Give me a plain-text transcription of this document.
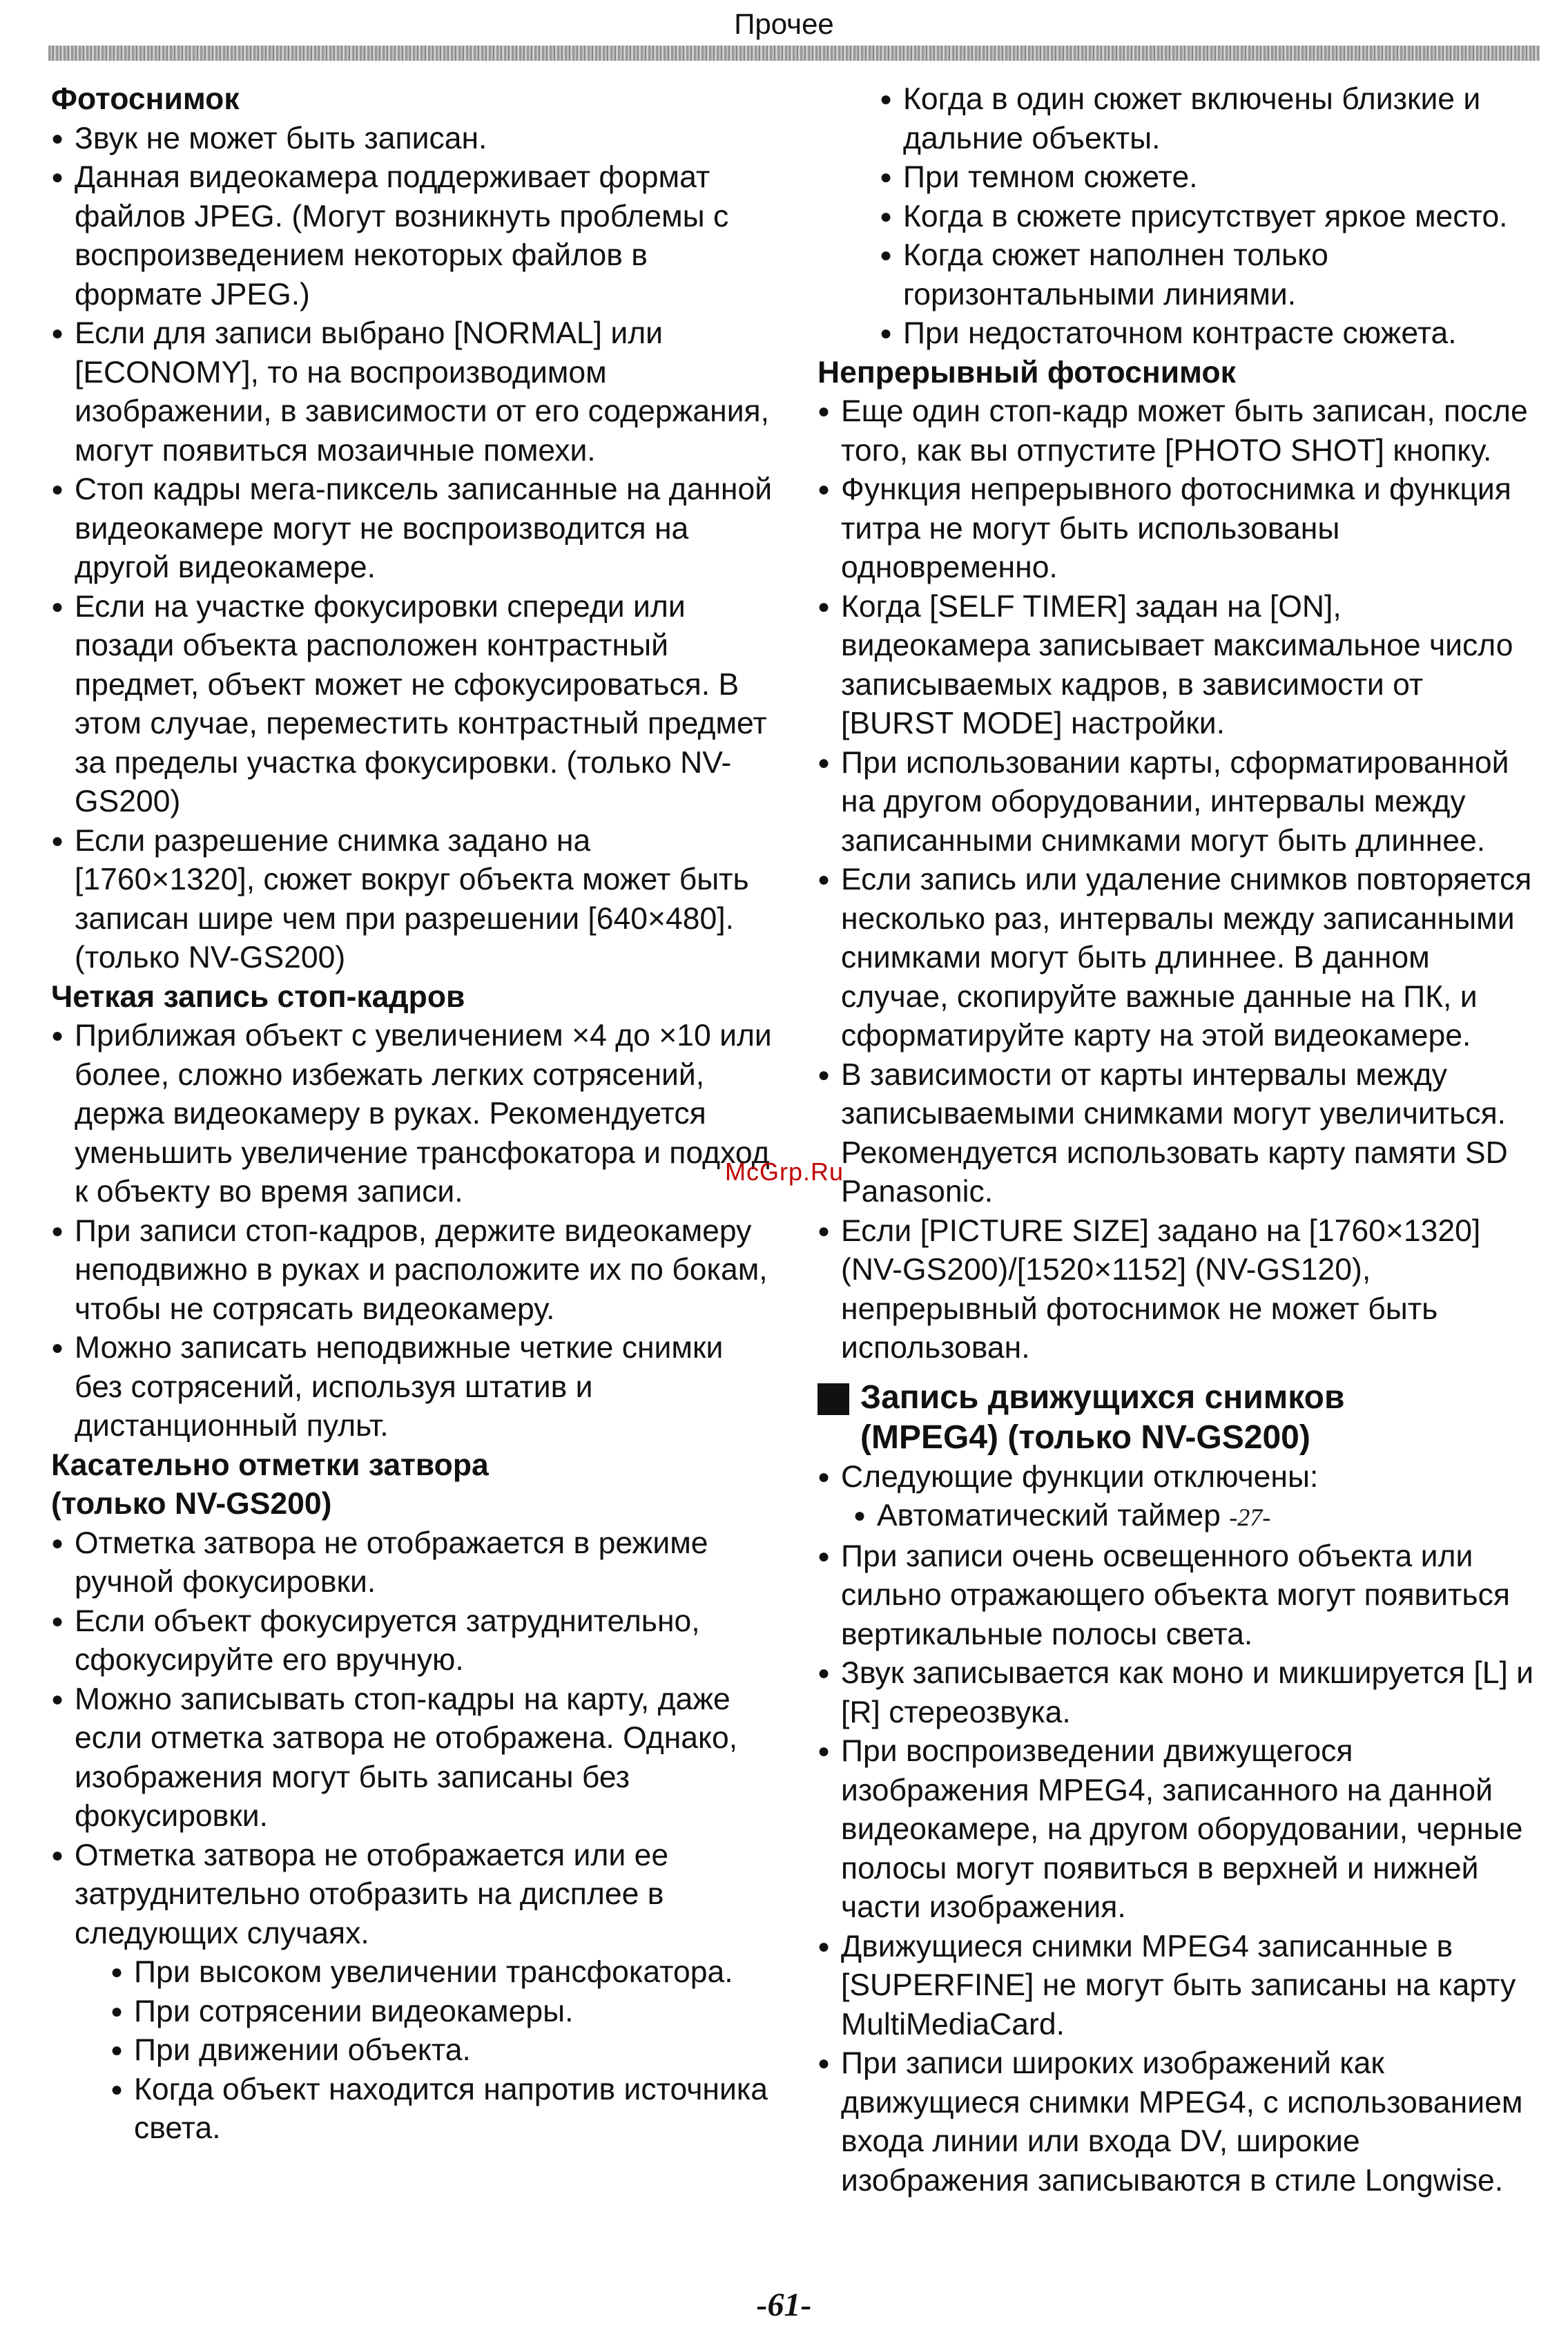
Прочее
Фотоснимок
● Звук не может быть записан.
● Данная видеокамера поддерживает формат файлов JPEG. (Могут возникнуть проблемы с воспроизведением некоторых файлов в формате JPEG.)
● Если для записи выбрано [NORMAL] или [ECONOMY], то на воспроизводимом изображении, в зависимости от его содержания, могут появиться мозаичные помехи.
● Стоп кадры мега-пиксель записанные на данной видеокамере могут не воспроизводится на другой видеокамере.
● Если на участке фокусировки спереди или позади объекта расположен контрастный предмет, объект может не сфокусироваться. В этом случае, переместить контрастный предмет за пределы участка фокусировки. (только NV-GS200)
● Если разрешение снимка задано на [1760×1320], сюжет вокруг объекта может быть записан шире чем при разрешении [640×480]. (только NV-GS200)
Четкая запись стоп-кадров
● Приближая объект с увеличением ×4 до ×10 или более, сложно избежать легких сотрясений, держа видеокамеру в руках. Рекомендуется уменьшить увеличение трансфокатора и подход к объекту во время записи.
● При записи стоп-кадров, держите видеокамеру неподвижно в руках и расположите их по бокам, чтобы не сотрясать видеокамеру.
● Можно записать неподвижные четкие снимки без сотрясений, используя штатив и дистанционный пульт.
Касательно отметки затвора
(только NV-GS200)
● Отметка затвора не отображается в режиме ручной фокусировки.
● Если объект фокусируется затруднительно, сфокусируйте его вручную.
● Можно записывать стоп-кадры на карту, даже если отметка затвора не отображена. Однако, изображения могут быть записаны без фокусировки.
● Отметка затвора не отображается или ее затруднительно отобразить на дисплее в следующих случаях.
● При высоком увеличении трансфокатора.
● При сотрясении видеокамеры.
● При движении объекта.
● Когда объект находится напротив источника света.
● Когда в один сюжет включены близкие и дальние объекты.
● При темном сюжете.
● Когда в сюжете присутствует яркое место.
● Когда сюжет наполнен только горизонтальными линиями.
● При недостаточном контрасте сюжета.
Непрерывный фотоснимок
● Еще один стоп-кадр может быть записан, после того, как вы отпустите [PHOTO SHOT] кнопку.
● Функция непрерывного фотоснимка и функция титра не могут быть использованы одновременно.
● Когда [SELF TIMER] задан на [ON], видеокамера записывает максимальное число записываемых кадров, в зависимости от [BURST MODE] настройки.
● При использовании карты, сформатированной на другом оборудовании, интервалы между записанными снимками могут быть длиннее.
● Если запись или удаление снимков повторяется несколько раз, интервалы между записанными снимками могут быть длиннее. В данном случае, скопируйте важные данные на ПК, и сформатируйте карту на этой видеокамере.
● В зависимости от карты интервалы между записываемыми снимками могут увеличиться. Рекомендуется использовать карту памяти SD Panasonic.
● Если [PICTURE SIZE] задано на [1760×1320] (NV-GS200)/[1520×1152] (NV-GS120), непрерывный фотоснимок не может быть использован.
Запись движущихся снимков
(MPEG4) (только NV-GS200)
● Следующие функции отключены:
● Автоматический таймер -27-
● При записи очень освещенного объекта или сильно отражающего объекта могут появиться вертикальные полосы света.
● Звук записывается как моно и микшируется [L] и [R] стереозвука.
● При воспроизведении движущегося изображения MPEG4, записанного на данной видеокамере, на другом оборудовании, черные полосы могут появиться в верхней и нижней части изображения.
● Движущиеся снимки MPEG4 записанные в [SUPERFINE] не могут быть записаны на карту MultiMediaCard.
● При записи широких изображений как движущиеся снимки MPEG4, с использованием входа линии или входа DV, широкие изображения записываются в стиле Longwise.
McGrp.Ru
-61-
